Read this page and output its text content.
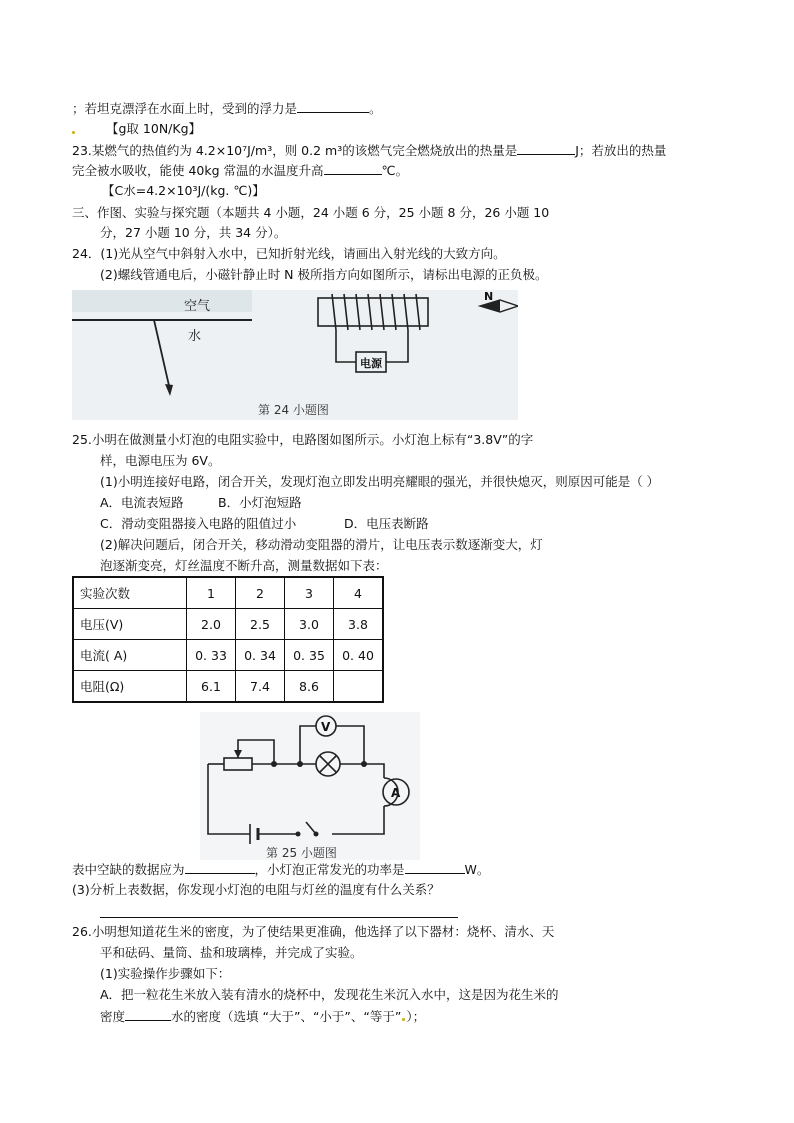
；若坦克漂浮在水面上时，受到的浮力是	。
【g取 10N/Kg】
23.某燃气的热值约为 4.2×10⁷J/m³，则 0.2 m³的该燃气完全燃烧放出的热量是	J；若放出的热量
完全被水吸收，能使 40kg 常温的水温度升高	℃。
【C水=4.2×10³J/(kg. ℃)】
三、作图、实验与探究题（本题共 4 小题，24 小题 6 分，25 小题 8 分，26 小题 10
分，27 小题 10 分，共 34 分）。
24．(1)光从空气中斜射入水中，已知折射光线，请画出入射光线的大致方向。
(2)螺线管通电后，小磁针静止时 N 极所指方向如图所示，请标出电源的正负极。
空气
水
电源
N
第 24 小题图
25.小明在做测量小灯泡的电阻实验中，电路图如图所示。小灯泡上标有“3.8V”的字
样，电源电压为 6V。
(1)小明连接好电路，闭合开关，发现灯泡立即发出明亮耀眼的强光，并很快熄灭，则原因可能是（ ）
A．电流表短路	B．小灯泡短路
C．滑动变阻器接入电路的阻值过小	D．电压表断路
(2)解决问题后，闭合开关，移动滑动变阻器的滑片，让电压表示数逐渐变大，灯
泡逐渐变亮，灯丝温度不断升高，测量数据如下表：
实验次数	1	2	3	4
电压(V)	2.0	2.5	3.0	3.8
电流( A)	0. 33	0. 34	0. 35	0. 40
电阻(Ω)	6.1	7.4	8.6	
V
A
第 25 小题图
表中空缺的数据应为	，小灯泡正常发光的功率是	W。
(3)分析上表数据，你发现小灯泡的电阻与灯丝的温度有什么关系？
26.小明想知道花生米的密度，为了使结果更准确，他选择了以下器材：烧杯、清水、天
平和砝码、量筒、盐和玻璃棒，并完成了实验。
(1)实验操作步骤如下：
A．把一粒花生米放入装有清水的烧杯中，发现花生米沉入水中，这是因为花生米的
密度	水的密度（选填 “大于”、“小于”、“等于” ）；
